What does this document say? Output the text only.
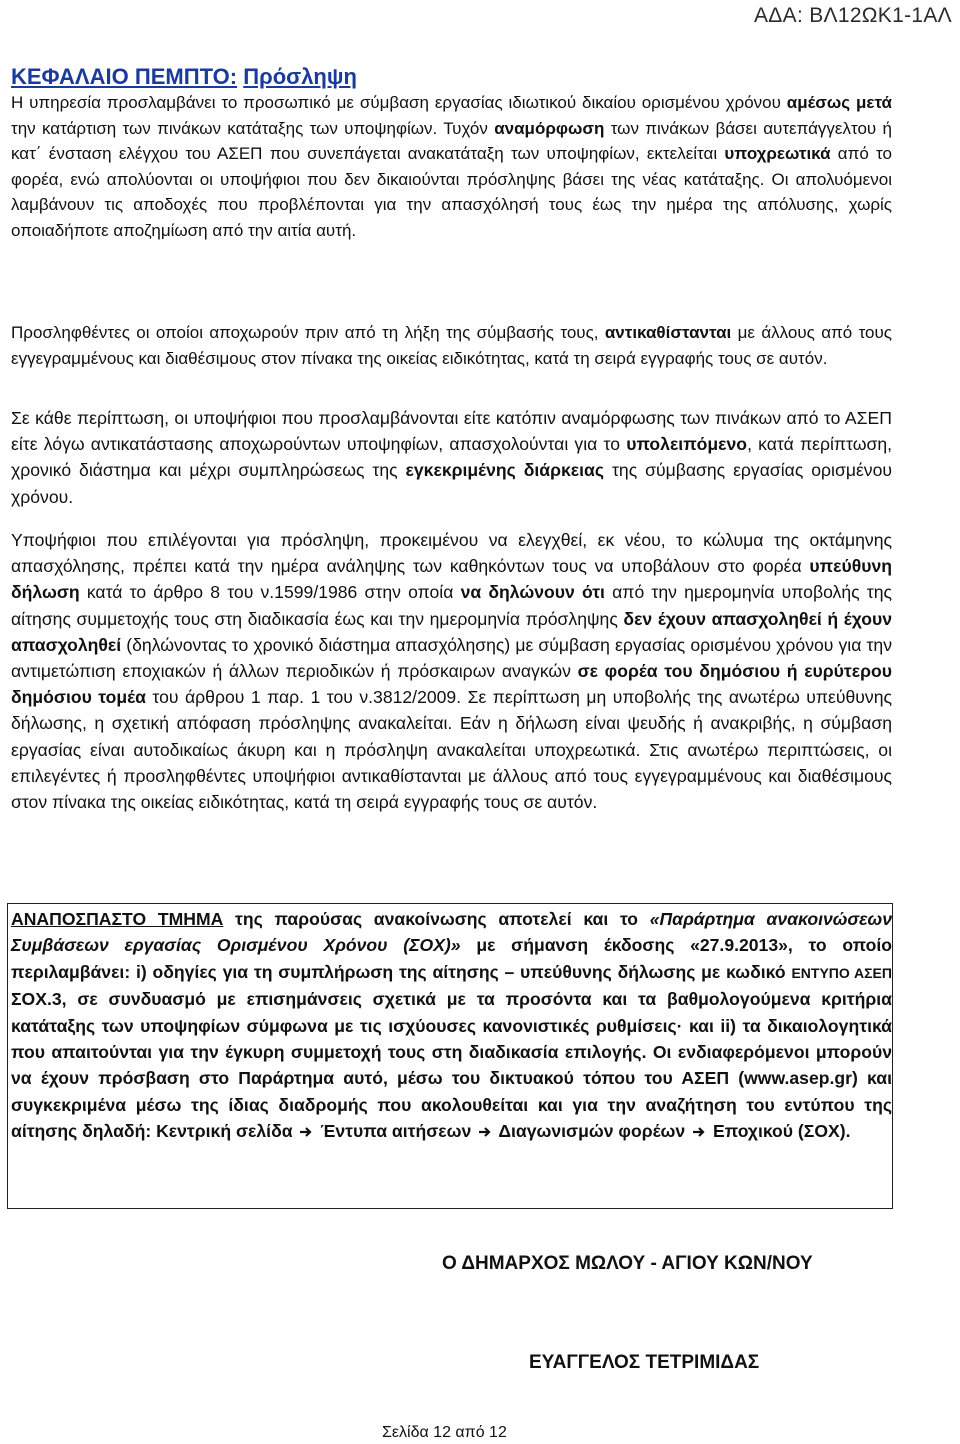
ΑΔΑ: ΒΛ12ΩΚ1-1ΑΛ
ΚΕΦΑΛΑΙΟ ΠΕΜΠΤΟ: Πρόσληψη

Η υπηρεσία προσλαμβάνει το προσωπικό με σύμβαση εργασίας ιδιωτικού δικαίου ορισμένου χρόνου αμέσως μετά την κατάρτιση των πινάκων κατάταξης των υποψηφίων. Τυχόν αναμόρφωση των πινάκων βάσει αυτεπάγγελτου ή κατ΄ ένσταση ελέγχου του ΑΣΕΠ που συνεπάγεται ανακατάταξη των υποψηφίων, εκτελείται υποχρεωτικά από το φορέα, ενώ απολύονται οι υποψήφιοι που δεν δικαιούνται πρόσληψης βάσει της νέας κατάταξης. Οι απολυόμενοι λαμβάνουν τις αποδοχές που προβλέπονται για την απασχόλησή τους έως την ημέρα της απόλυσης, χωρίς οποιαδήποτε αποζημίωση από την αιτία αυτή.

Προσληφθέντες οι οποίοι αποχωρούν πριν από τη λήξη της σύμβασής τους, αντικαθίστανται με άλλους από τους εγγεγραμμένους και διαθέσιμους στον πίνακα της οικείας ειδικότητας, κατά τη σειρά εγγραφής τους σε αυτόν.

Σε κάθε περίπτωση, οι υποψήφιοι που προσλαμβάνονται είτε κατόπιν αναμόρφωσης των πινάκων από το ΑΣΕΠ είτε λόγω αντικατάστασης αποχωρούντων υποψηφίων, απασχολούνται για το υπολειπόμενο, κατά περίπτωση, χρονικό διάστημα και μέχρι συμπληρώσεως της εγκεκριμένης διάρκειας της σύμβασης εργασίας ορισμένου χρόνου.

Υποψήφιοι που επιλέγονται για πρόσληψη, προκειμένου να ελεγχθεί, εκ νέου, το κώλυμα της οκτάμηνης απασχόλησης, πρέπει κατά την ημέρα ανάληψης των καθηκόντων τους να υποβάλουν στο φορέα υπεύθυνη δήλωση κατά το άρθρο 8 του ν.1599/1986 στην οποία να δηλώνουν ότι από την ημερομηνία υποβολής της αίτησης συμμετοχής τους στη διαδικασία έως και την ημερομηνία πρόσληψης δεν έχουν απασχοληθεί ή έχουν απασχοληθεί (δηλώνοντας το χρονικό διάστημα απασχόλησης) με σύμβαση εργασίας ορισμένου χρόνου για την αντιμετώπιση εποχιακών ή άλλων περιοδικών ή πρόσκαιρων αναγκών σε φορέα του δημόσιου ή ευρύτερου δημόσιου τομέα του άρθρου 1 παρ. 1 του ν.3812/2009. Σε περίπτωση μη υποβολής της ανωτέρω υπεύθυνης δήλωσης, η σχετική απόφαση πρόσληψης ανακαλείται. Εάν η δήλωση είναι ψευδής ή ανακριβής, η σύμβαση εργασίας είναι αυτοδικαίως άκυρη και η πρόσληψη ανακαλείται υποχρεωτικά. Στις ανωτέρω περιπτώσεις, οι επιλεγέντες ή προσληφθέντες υποψήφιοι αντικαθίστανται με άλλους από τους εγγεγραμμένους και διαθέσιμους στον πίνακα της οικείας ειδικότητας, κατά τη σειρά εγγραφής τους σε αυτόν.

ΑΝΑΠΟΣΠΑΣΤΟ ΤΜΗΜΑ της παρούσας ανακοίνωσης αποτελεί και το «Παράρτημα ανακοινώσεων Συμβάσεων εργασίας Ορισμένου Χρόνου (ΣΟΧ)» με σήμανση έκδοσης «27.9.2013», το οποίο περιλαμβάνει: i) οδηγίες για τη συμπλήρωση της αίτησης – υπεύθυνης δήλωσης με κωδικό ΕΝΤΥΠΟ ΑΣΕΠ ΣΟΧ.3, σε συνδυασμό με επισημάνσεις σχετικά με τα προσόντα και τα βαθμολογούμενα κριτήρια κατάταξης των υποψηφίων σύμφωνα με τις ισχύουσες κανονιστικές ρυθμίσεις· και ii) τα δικαιολογητικά που απαιτούνται για την έγκυρη συμμετοχή τους στη διαδικασία επιλογής. Οι ενδιαφερόμενοι μπορούν να έχουν πρόσβαση στο Παράρτημα αυτό, μέσω του δικτυακού τόπου του ΑΣΕΠ (www.asep.gr) και συγκεκριμένα μέσω της ίδιας διαδρομής που ακολουθείται και για την αναζήτηση του εντύπου της αίτησης δηλαδή: Κεντρική σελίδα Έντυπα αιτήσεων Διαγωνισμών φορέων Εποχικού (ΣΟΧ).

Ο ΔΗΜΑΡΧΟΣ ΜΩΛΟΥ - ΑΓΙΟΥ ΚΩΝ/ΝΟΥ
ΕΥΑΓΓΕΛΟΣ ΤΕΤΡΙΜΙΔΑΣ
Σελίδα 12 από 12
